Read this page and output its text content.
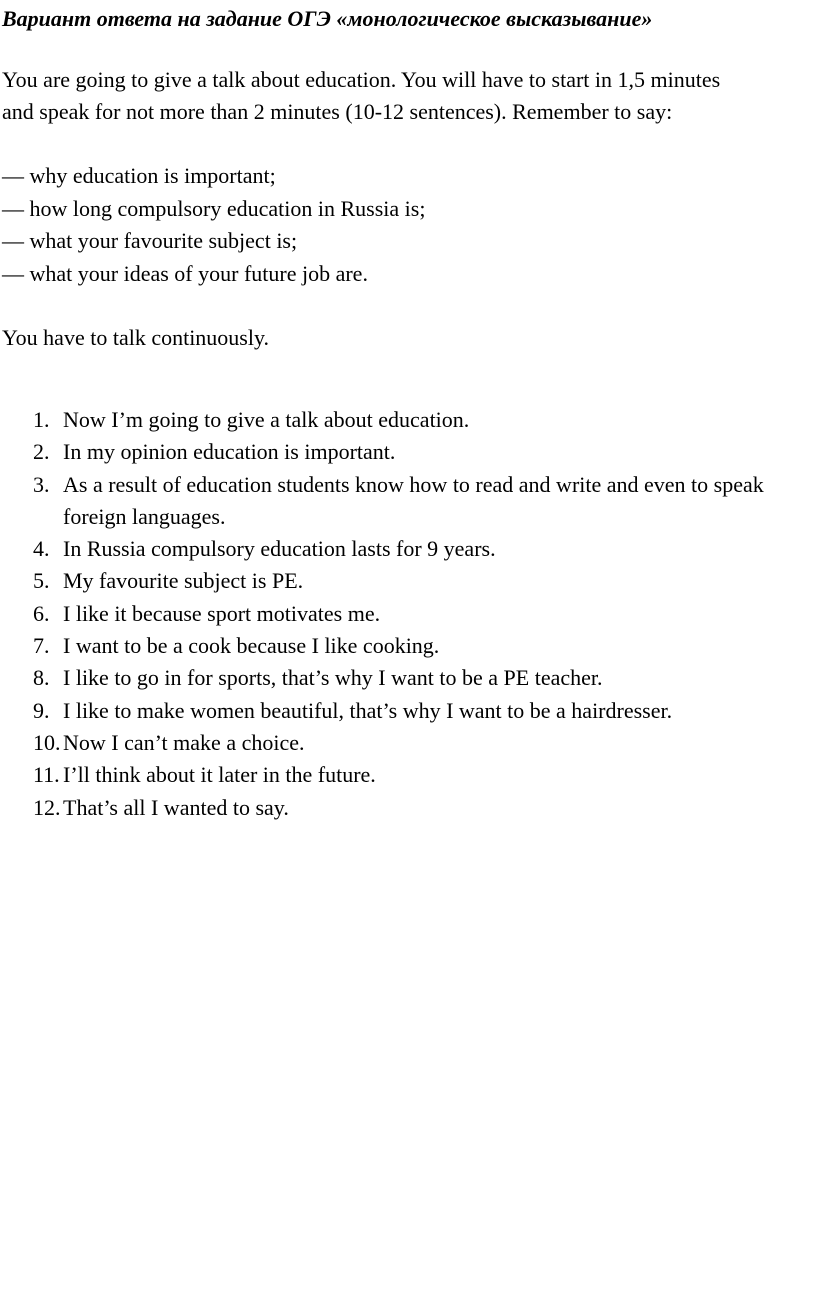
Вариант ответа на задание ОГЭ «монологическое высказывание»

You are going to give a talk about education. You will have to start in 1,5 minutes

and speak for not more than 2 minutes (10-12 sentences). Remember to say:

— why education is important;
— how long compulsory education in Russia is;
— what your favourite subject is;
— what your ideas of your future job are.
You have to talk continuously.
1. Now I’m going to give a talk about education.
2. In my opinion education is important.
3. As a result of education students know how to read and write and even to speak foreign languages.
4. In Russia compulsory education lasts for 9 years.
5. My favourite subject is PE.
6. I like it because sport motivates me.
7. I want to be a cook because I like cooking.
8. I like to go in for sports, that’s why I want to be a PE teacher.
9. I like to make women beautiful, that’s why I want to be a hairdresser.
10. Now I can’t make a choice.
11. I’ll think about it later in the future.
12. That’s all I wanted to say.
